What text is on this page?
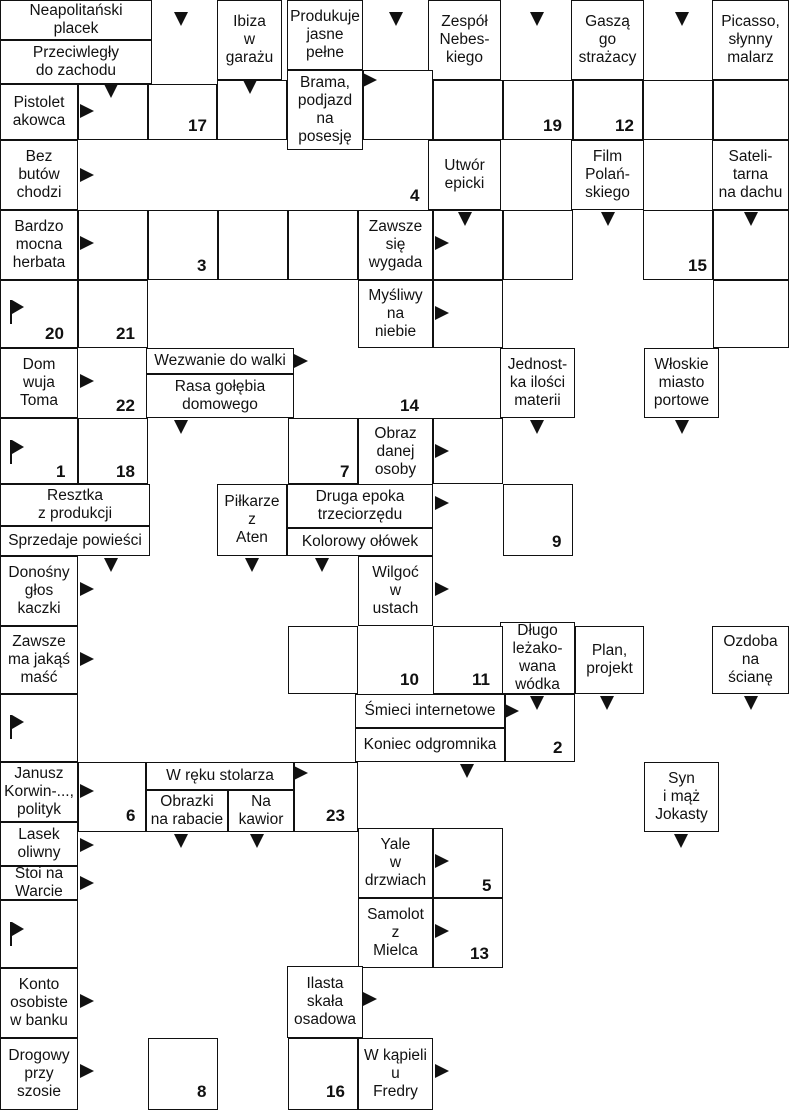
Neapolitański
placek
Przeciwległy
do zachodu
Ibiza
w
garażu
Produkuje
jasne
pełne
Zespół
Nebes-
kiego
Gaszą
go
strażacy
Picasso,
słynny
malarz
Pistolet
akowca
Brama,
podjazd
na
posesję
Bez
butów
chodzi
Utwór
epicki
Film
Polań-
skiego
Sateli-
tarna
na dachu
Bardzo
mocna
herbata
Zawsze
się
wygada
Myśliwy
na
niebie
Dom
wuja
Toma
Wezwanie do walki
Rasa gołębia
domowego
Jednost-
ka ilości
materii
Włoskie
miasto
portowe
Obraz
danej
osoby
Resztka
z produkcji
Sprzedaje powieści
Piłkarze
z
Aten
Druga epoka
trzeciorzędu
Kolorowy ołówek
Donośny
głos
kaczki
Wilgoć
w
ustach
Zawsze
ma jakąś
maść
Długo
leżako-
wana
wódka
Plan,
projekt
Ozdoba
na
ścianę
Śmieci internetowe
Koniec odgromnika
Janusz
Korwin-...,
polityk
W ręku stolarza
Obrazki
na rabacie
Na
kawior
Syn
i mąż
Jokasty
Lasek
oliwny
Stoi na
Warcie
Yale
w
drzwiach
Samolot
z
Mielca
Konto
osobiste
w banku
Ilasta
skała
osadowa
Drogowy
przy
szosie
W kąpieli
u
Fredry
17	19	12
4
3	15
20	21
22	14
1	18	7
9
10	11
2
6	23
5
13
8	16
